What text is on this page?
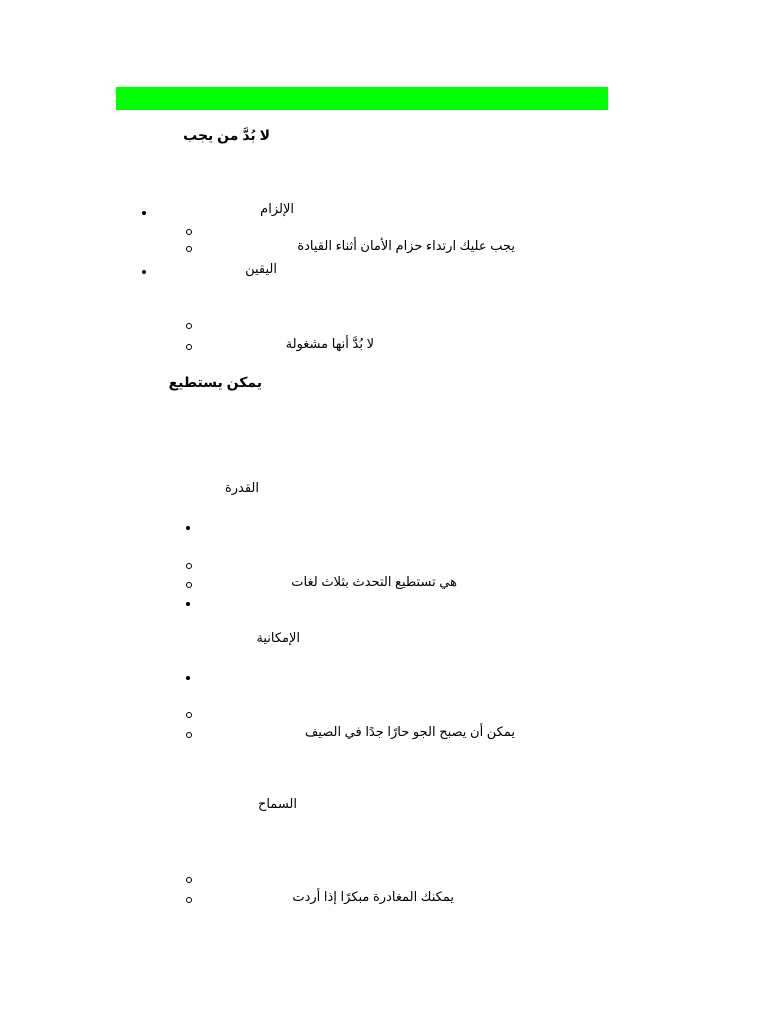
لا بُدَّ من يجب
الإلزام
يجب عليك ارتداء حزام الأمان أثناء القيادة
اليقين
لا بُدَّ أنها مشغولة
يمكن يستطيع
القدرة
هي تستطيع التحدث بثلاث لغات
الإمكانية
يمكن أن يصبح الجو حارًا جدًا في الصيف
السماح
يمكنك المغادرة مبكرًا إذا أردت
